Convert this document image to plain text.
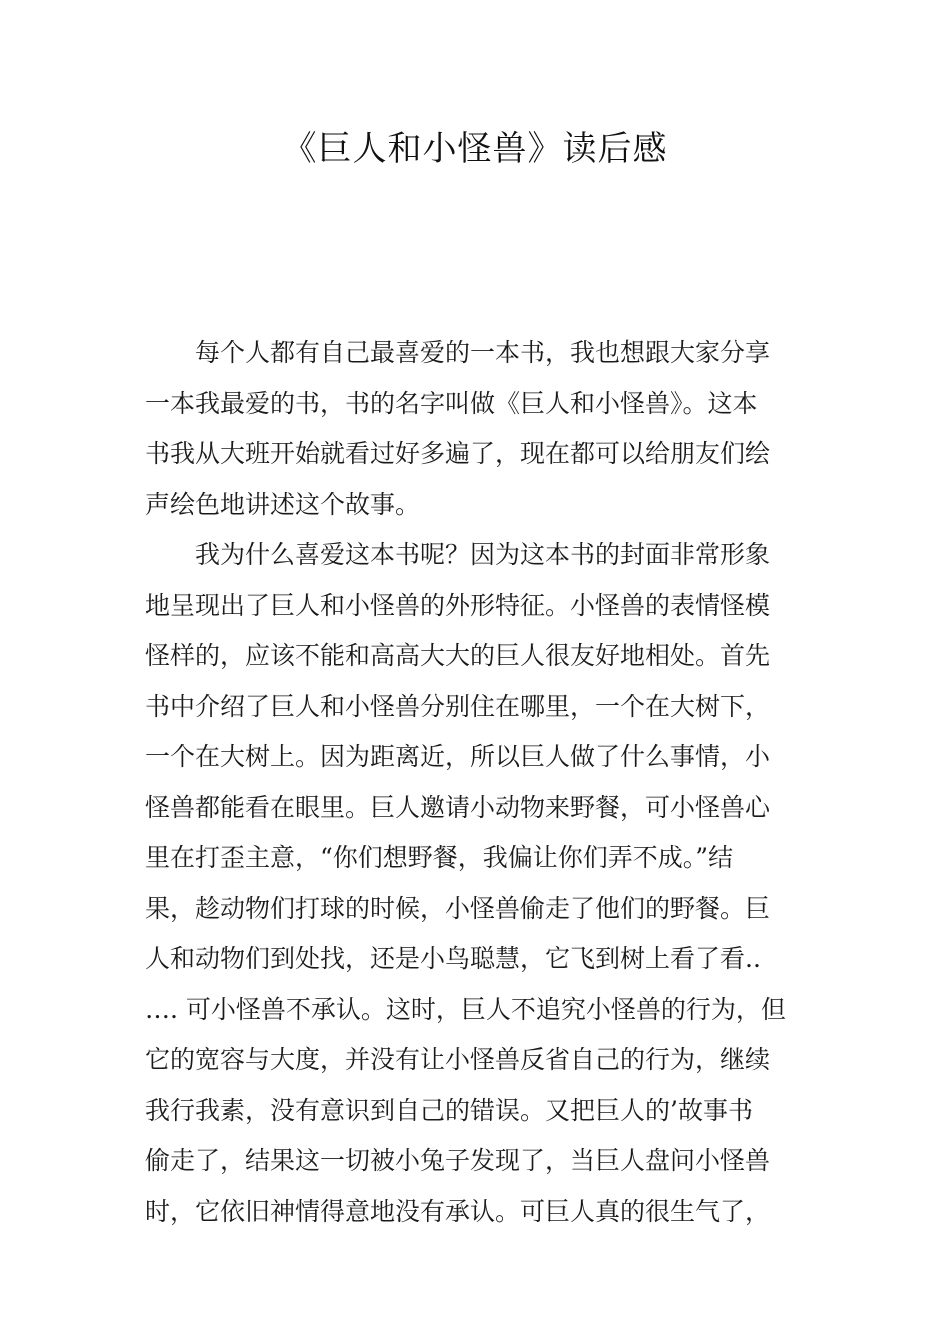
《巨人和小怪兽》读后感
每个人都有自己最喜爱的一本书，我也想跟大家分享
一本我最爱的书，书的名字叫做《巨人和小怪兽》。这本
书我从大班开始就看过好多遍了，现在都可以给朋友们绘
声绘色地讲述这个故事。
我为什么喜爱这本书呢？因为这本书的封面非常形象
地呈现出了巨人和小怪兽的外形特征。小怪兽的表情怪模
怪样的，应该不能和高高大大的巨人很友好地相处。首先
书中介绍了巨人和小怪兽分别住在哪里，一个在大树下，
一个在大树上。因为距离近，所以巨人做了什么事情，小
怪兽都能看在眼里。巨人邀请小动物来野餐，可小怪兽心
里在打歪主意，“你们想野餐，我偏让你们弄不成。”结
果，趁动物们打球的时候，小怪兽偷走了他们的野餐。巨
人和动物们到处找，还是小鸟聪慧，它飞到树上看了看..
…. 可小怪兽不承认。这时，巨人不追究小怪兽的行为，但
它的宽容与大度，并没有让小怪兽反省自己的行为，继续
我行我素，没有意识到自己的错误。又把巨人的’故事书
偷走了，结果这一切被小兔子发现了，当巨人盘问小怪兽
时，它依旧神情得意地没有承认。可巨人真的很生气了，
